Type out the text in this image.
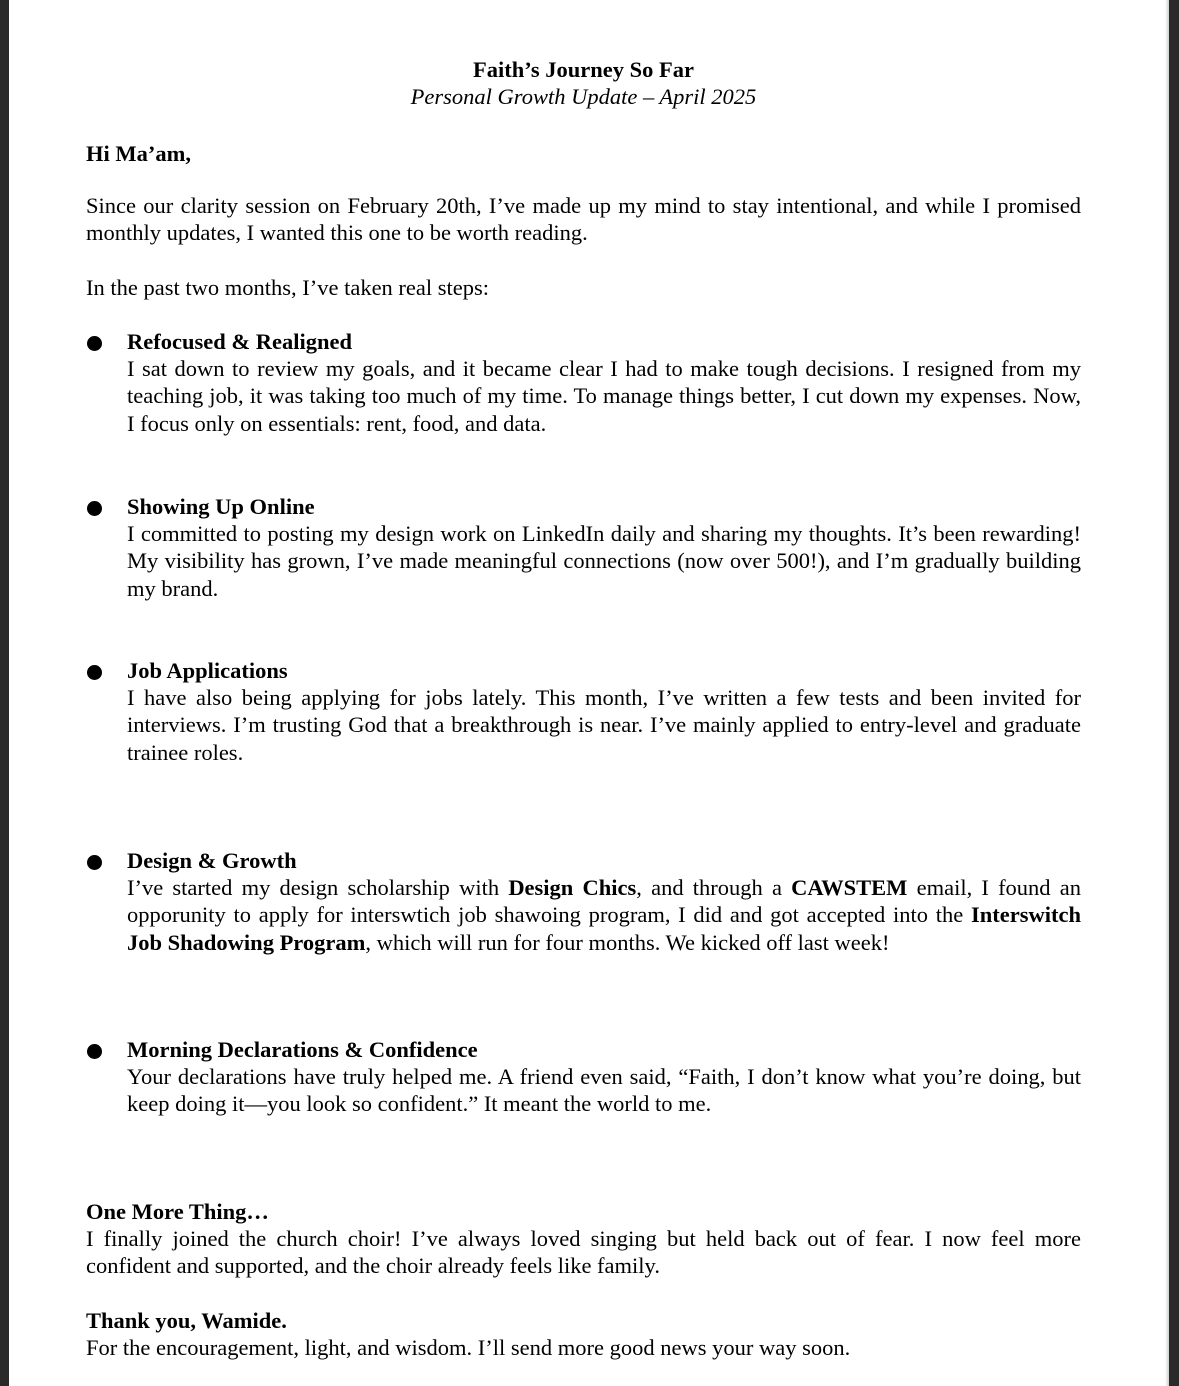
Faith’s Journey So Far

Personal Growth Update – April 2025

Hi Ma’am,

Since our clarity session on February 20th, I’ve made up my mind to stay intentional, and while I promised monthly updates, I wanted this one to be worth reading.

In the past two months, I’ve taken real steps:

Refocused & Realigned

I sat down to review my goals, and it became clear I had to make tough decisions. I resigned from my teaching job, it was taking too much of my time. To manage things better, I cut down my expenses. Now, I focus only on essentials: rent, food, and data.

Showing Up Online

I committed to posting my design work on LinkedIn daily and sharing my thoughts. It’s been rewarding! My visibility has grown, I’ve made meaningful connections (now over 500!), and I’m gradually building my brand.

Job Applications

I have also being applying for jobs lately. This month, I’ve written a few tests and been invited for interviews. I’m trusting God that a breakthrough is near. I’ve mainly applied to entry-level and graduate trainee roles.

Design & Growth

I’ve started my design scholarship with Design Chics, and through a CAWSTEM email, I found an opporunity to apply for interswtich job shawoing program, I did and got accepted into the Interswitch Job Shadowing Program, which will run for four months. We kicked off last week!

Morning Declarations & Confidence

Your declarations have truly helped me. A friend even said, “Faith, I don’t know what you’re doing, but keep doing it—you look so confident.” It meant the world to me.

One More Thing…

I finally joined the church choir! I’ve always loved singing but held back out of fear. I now feel more confident and supported, and the choir already feels like family.

Thank you, Wamide.

For the encouragement, light, and wisdom. I’ll send more good news your way soon.
